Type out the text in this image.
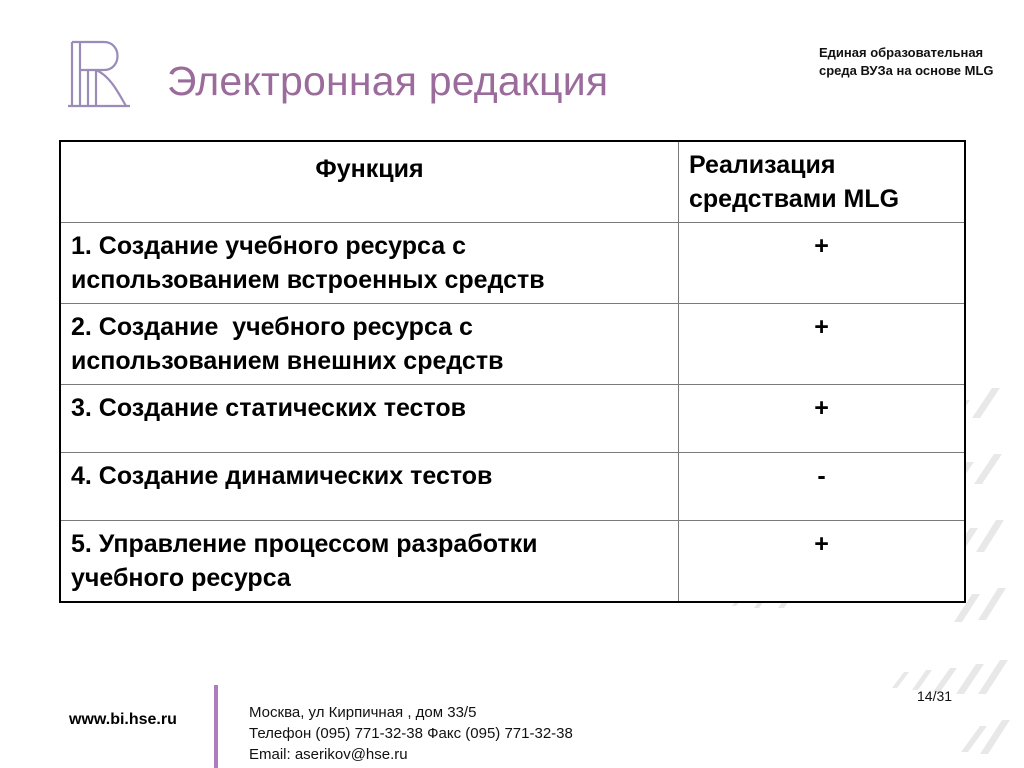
Электронная редакция
Единая образовательная
среда ВУЗа на основе MLG
Функция	Реализация
средствами MLG

1. Создание учебного ресурса с
использованием встроенных средств	+

2. Создание  учебного ресурса с
использованием внешних средств	+

3. Создание статических тестов	+

4. Создание динамических тестов	-

5. Управление процессом разработки
учебного ресурса	+
www.bi.hse.ru	Москва, ул Кирпичная , дом 33/5
Телефон (095) 771-32-38 Факс (095) 771-32-38
Email: aserikov@hse.ru
14/31
